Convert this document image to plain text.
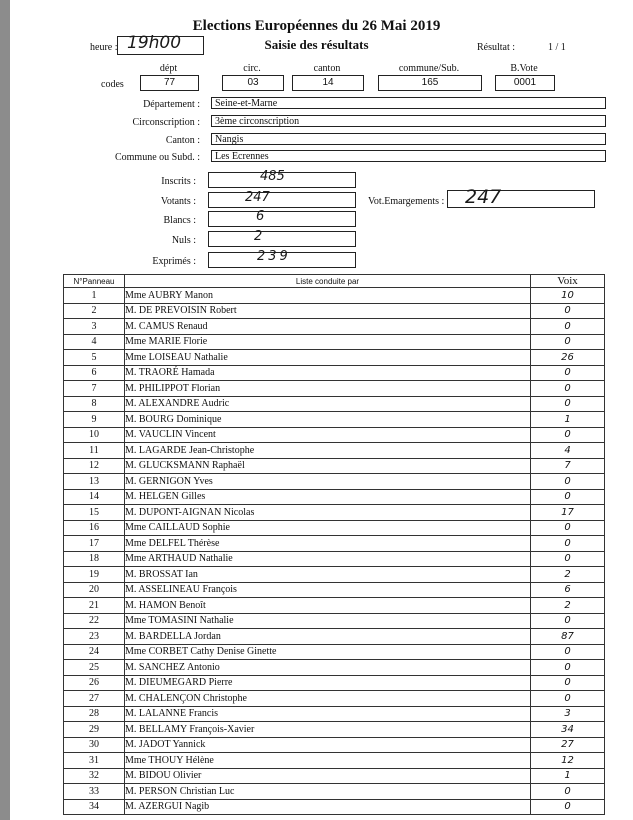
Elections Européennes du 26 Mai 2019
Saisie des résultats
heure : 19h00	Résultat :	1 / 1
dépt	circ.	canton	commune/Sub.	B.Vote
codes	77	03	14	165	0001
Département :	Seine-et-Marne
Circonscription :	3ème circonscription
Canton :	Nangis
Commune ou Subd. :	Les Ecrennes
Inscrits :	485
Votants :	247
Blancs :	6
Nuls :	2
Exprimés :	239
Vot.Emargements : 247
N°Panneau	Liste conduite par	Voix
1	Mme AUBRY Manon	10
2	M. DE PREVOISIN Robert	0
3	M. CAMUS Renaud	0
4	Mme MARIE Florie	0
5	Mme LOISEAU Nathalie	26
6	M. TRAORÉ Hamada	0
7	M. PHILIPPOT Florian	0
8	M. ALEXANDRE Audric	0
9	M. BOURG Dominique	1
10	M. VAUCLIN Vincent	0
11	M. LAGARDE Jean-Christophe	4
12	M. GLUCKSMANN Raphaël	7
13	M. GERNIGON Yves	0
14	M. HELGEN Gilles	0
15	M. DUPONT-AIGNAN Nicolas	17
16	Mme CAILLAUD Sophie	0
17	Mme DELFEL Thérèse	0
18	Mme ARTHAUD Nathalie	0
19	M. BROSSAT Ian	2
20	M. ASSELINEAU François	6
21	M. HAMON Benoît	2
22	Mme TOMASINI Nathalie	0
23	M. BARDELLA Jordan	87
24	Mme CORBET Cathy Denise Ginette	0
25	M. SANCHEZ Antonio	0
26	M. DIEUMEGARD Pierre	0
27	M. CHALENÇON Christophe	0
28	M. LALANNE Francis	3
29	M. BELLAMY François-Xavier	34
30	M. JADOT Yannick	27
31	Mme THOUY Hélène	12
32	M. BIDOU Olivier	1
33	M. PERSON Christian Luc	0
34	M. AZERGUI Nagib	0
